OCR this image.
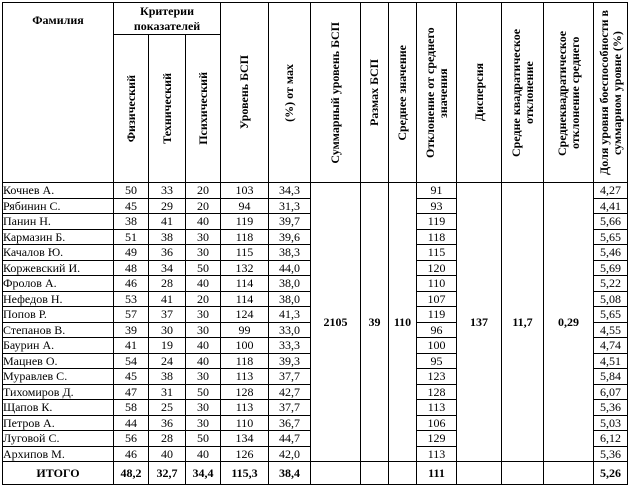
Фамилия	Критерии показателей			Уровень БСП	(%) от мах	Суммарный уровень БСП	Размах БСП	Среднее значение	Отклонение от среднего значения	Дисперсия	Средне квадратическое отклонение	Среднеквадратическое отклонение среднего	Доля уровня боеспособности в суммарном уровне (%)

	Физический	Технический	Психический										

Кочнев А.	50	33	20	103	34,3	2105	39	110	91	137	11,7	0,29	4,27
Рябинин С.	45	29	20	94	31,3				93				4,41
Панин Н.	38	41	40	119	39,7				119				5,66
Кармазин Б.	51	38	30	118	39,6				118				5,65
Качалов Ю.	49	36	30	115	38,3				115				5,46
Коржевский И.	48	34	50	132	44,0				120				5,69
Фролов А.	46	28	40	114	38,0				110				5,22
Нефедов Н.	53	41	20	114	38,0				107				5,08
Попов Р.	57	37	30	124	41,3				119				5,65
Степанов В.	39	30	30	99	33,0				96				4,55
Баурин А.	41	19	40	100	33,3				100				4,74
Мацнев О.	54	24	40	118	39,3				95				4,51
Муравлев С.	45	38	30	113	37,7				123				5,84
Тихомиров Д.	47	31	50	128	42,7				128				6,07
Щапов К.	58	25	30	113	37,7				113				5,36
Петров А.	44	36	30	110	36,7				106				5,03
Луговой С.	56	28	50	134	44,7				129				6,12
Архипов М.	46	40	40	126	42,0				113				5,36
ИТОГО	48,2	32,7	34,4	115,3	38,4				111				5,26
